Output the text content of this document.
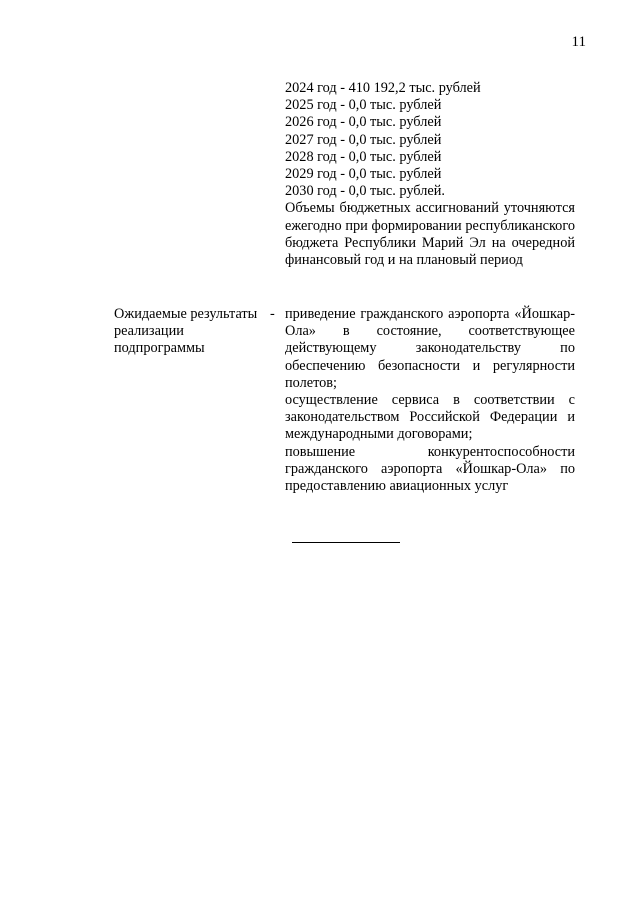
11
2024 год - 410 192,2 тыс. рублей
2025 год - 0,0 тыс. рублей
2026 год - 0,0 тыс. рублей
2027 год - 0,0 тыс. рублей
2028 год - 0,0 тыс. рублей
2029 год - 0,0 тыс. рублей
2030 год - 0,0 тыс. рублей.
Объемы бюджетных ассигнований уточняются ежегодно при формировании республиканского бюджета Республики Марий Эл на очередной финансовый год и на плановый период
Ожидаемые результаты реализации подпрограммы
- приведение гражданского аэропорта «Йошкар-Ола» в состояние, соответствующее действующему законодательству по обеспечению безопасности и регулярности полетов;

осуществление сервиса в соответствии с законодательством Российской Федерации и международными договорами;

повышение конкурентоспособности гражданского аэропорта «Йошкар-Ола» по предоставлению авиационных услуг
